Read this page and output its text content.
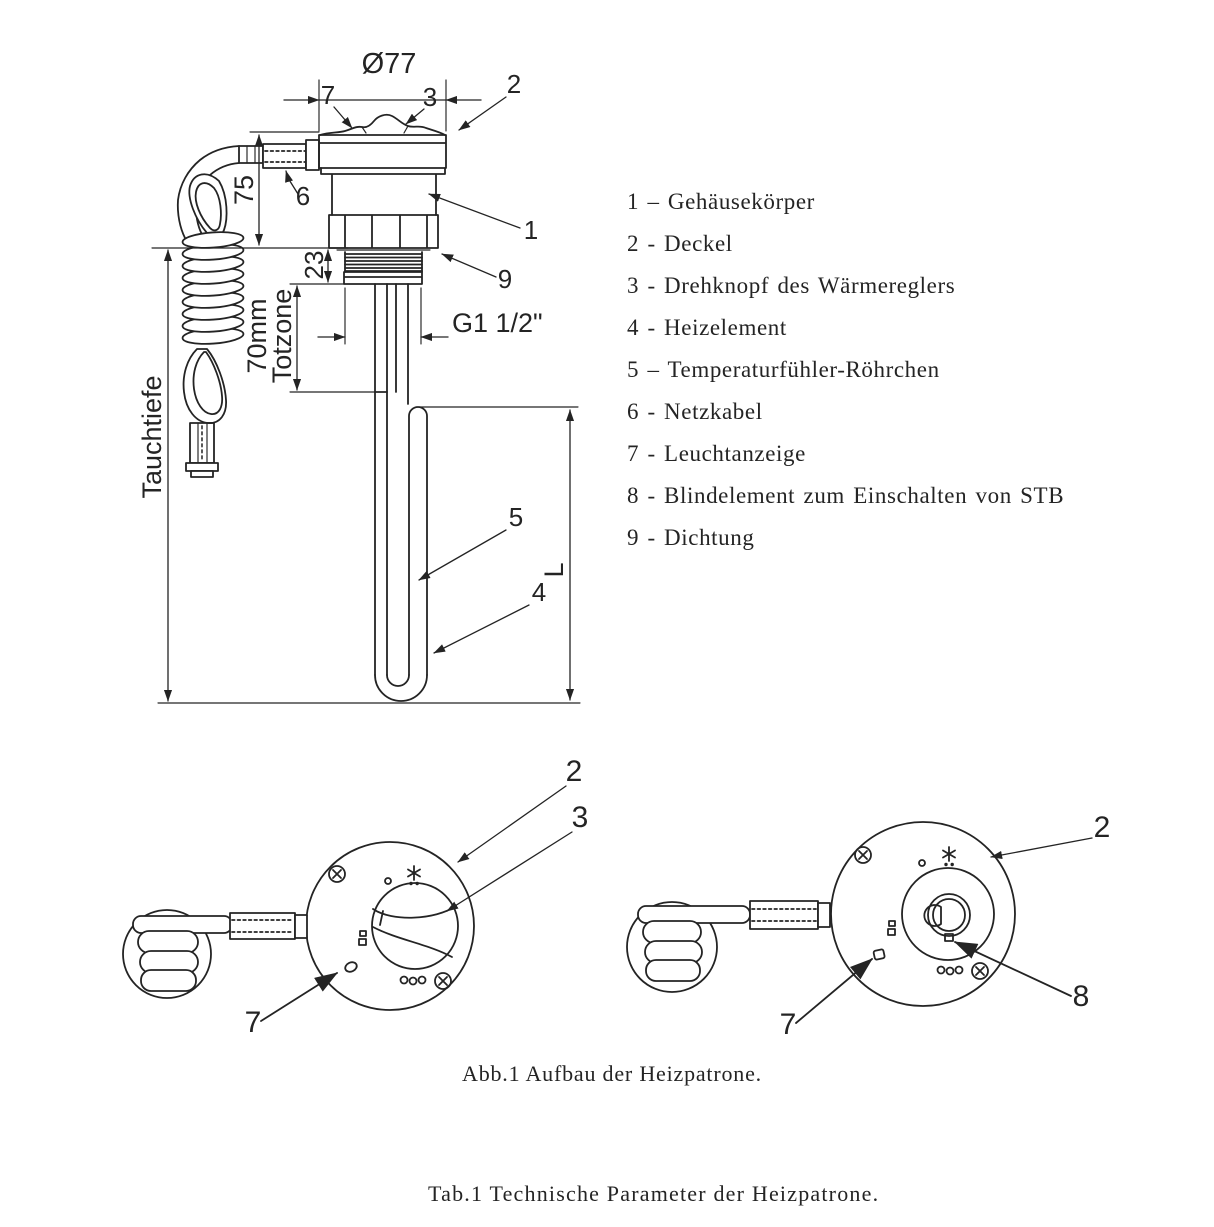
Ø77
75
23
70mm
Totzone
Tauchtiefe
G1 1/2"
L
7	3	2
1
9
6
5
4
2
3
7
2
7
8
1 – Gehäusekörper
2 - Deckel
3 - Drehknopf des Wärmereglers
4 - Heizelement
5 – Temperaturfühler-Röhrchen
6 - Netzkabel
7 - Leuchtanzeige
8 - Blindelement zum Einschalten von STB
9 - Dichtung
Abb.1 Aufbau der Heizpatrone.
Tab.1 Technische Parameter der Heizpatrone.
